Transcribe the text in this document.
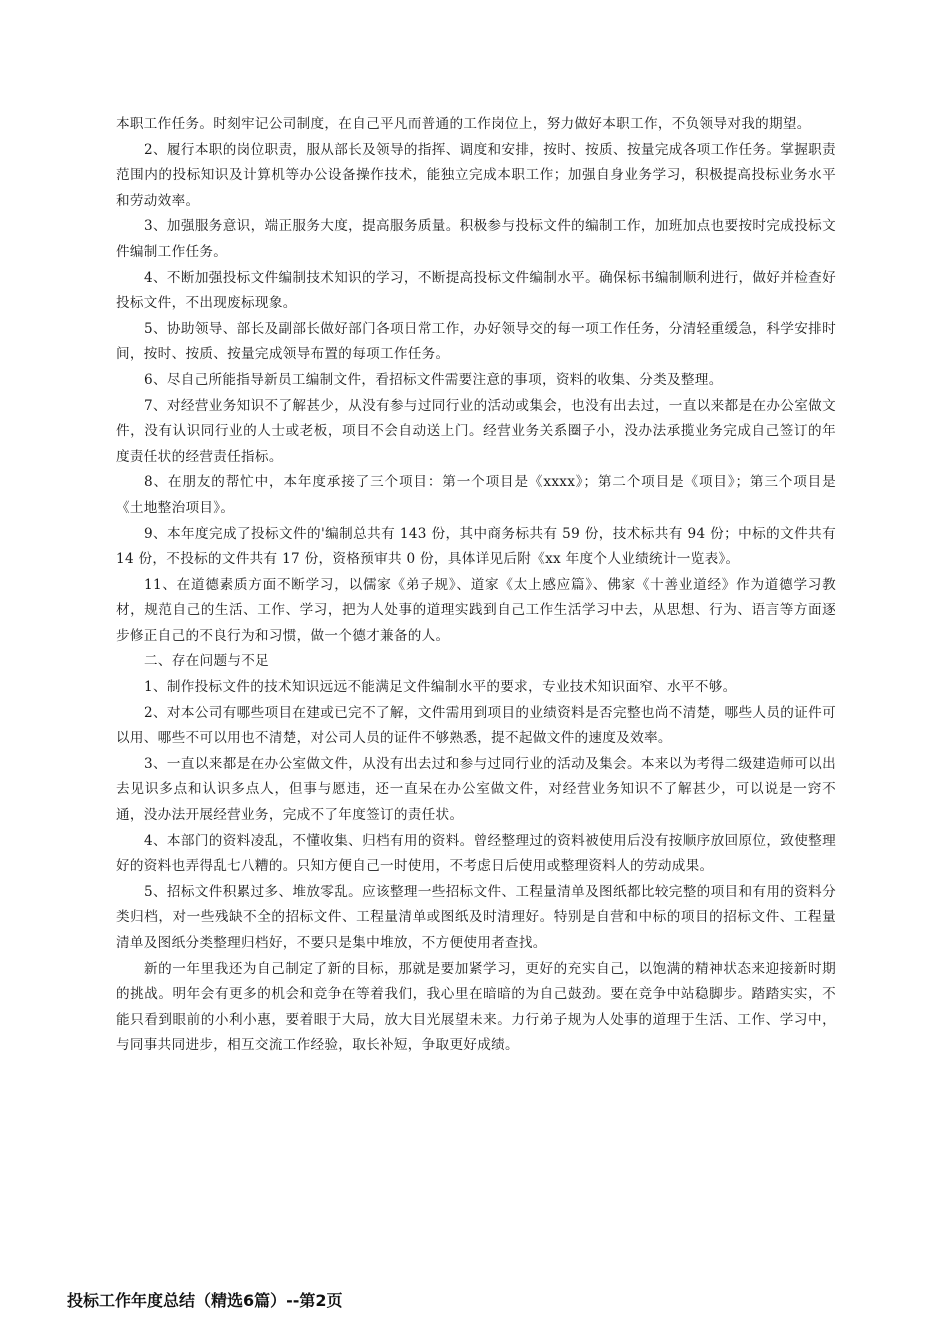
本职工作任务。时刻牢记公司制度，在自己平凡而普通的工作岗位上，努力做好本职工作，不负领导对我的期望。

2、履行本职的岗位职责，服从部长及领导的指挥、调度和安排，按时、按质、按量完成各项工作任务。掌握职责范围内的投标知识及计算机等办公设备操作技术，能独立完成本职工作；加强自身业务学习，积极提高投标业务水平和劳动效率。

3、加强服务意识，端正服务大度，提高服务质量。积极参与投标文件的编制工作，加班加点也要按时完成投标文件编制工作任务。

4、不断加强投标文件编制技术知识的学习，不断提高投标文件编制水平。确保标书编制顺利进行，做好并检查好投标文件，不出现废标现象。

5、协助领导、部长及副部长做好部门各项日常工作，办好领导交的每一项工作任务，分清轻重缓急，科学安排时间，按时、按质、按量完成领导布置的每项工作任务。

6、尽自己所能指导新员工编制文件，看招标文件需要注意的事项，资料的收集、分类及整理。

7、对经营业务知识不了解甚少，从没有参与过同行业的活动或集会，也没有出去过，一直以来都是在办公室做文件，没有认识同行业的人士或老板，项目不会自动送上门。经营业务关系圈子小，没办法承揽业务完成自己签订的年度责任状的经营责任指标。

8、在朋友的帮忙中，本年度承接了三个项目：第一个项目是《xxxx》；第二个项目是《项目》；第三个项目是《土地整治项目》。

9、本年度完成了投标文件的'编制总共有 143 份，其中商务标共有 59 份，技术标共有 94 份；中标的文件共有 14 份，不投标的文件共有 17 份，资格预审共 0 份，具体详见后附《xx 年度个人业绩统计一览表》。

11、在道德素质方面不断学习，以儒家《弟子规》、道家《太上感应篇》、佛家《十善业道经》作为道德学习教材，规范自己的生活、工作、学习，把为人处事的道理实践到自己工作生活学习中去，从思想、行为、语言等方面逐步修正自己的不良行为和习惯，做一个德才兼备的人。

二、存在问题与不足

1、制作投标文件的技术知识远远不能满足文件编制水平的要求，专业技术知识面窄、水平不够。

2、对本公司有哪些项目在建或已完不了解，文件需用到项目的业绩资料是否完整也尚不清楚，哪些人员的证件可以用、哪些不可以用也不清楚，对公司人员的证件不够熟悉，提不起做文件的速度及效率。

3、一直以来都是在办公室做文件，从没有出去过和参与过同行业的活动及集会。本来以为考得二级建造师可以出去见识多点和认识多点人，但事与愿违，还一直呆在办公室做文件，对经营业务知识不了解甚少，可以说是一窍不通，没办法开展经营业务，完成不了年度签订的责任状。

4、本部门的资料凌乱，不懂收集、归档有用的资料。曾经整理过的资料被使用后没有按顺序放回原位，致使整理好的资料也弄得乱七八糟的。只知方便自己一时使用，不考虑日后使用或整理资料人的劳动成果。

5、招标文件积累过多、堆放零乱。应该整理一些招标文件、工程量清单及图纸都比较完整的项目和有用的资料分类归档，对一些残缺不全的招标文件、工程量清单或图纸及时清理好。特别是自营和中标的项目的招标文件、工程量清单及图纸分类整理归档好，不要只是集中堆放，不方便使用者查找。

新的一年里我还为自己制定了新的目标，那就是要加紧学习，更好的充实自己，以饱满的精神状态来迎接新时期的挑战。明年会有更多的机会和竞争在等着我们，我心里在暗暗的为自己鼓劲。要在竞争中站稳脚步。踏踏实实，不能只看到眼前的小利小惠，要着眼于大局，放大目光展望未来。力行弟子规为人处事的道理于生活、工作、学习中，与同事共同进步，相互交流工作经验，取长补短，争取更好成绩。

投标工作年度总结（精选6篇）--第2页
